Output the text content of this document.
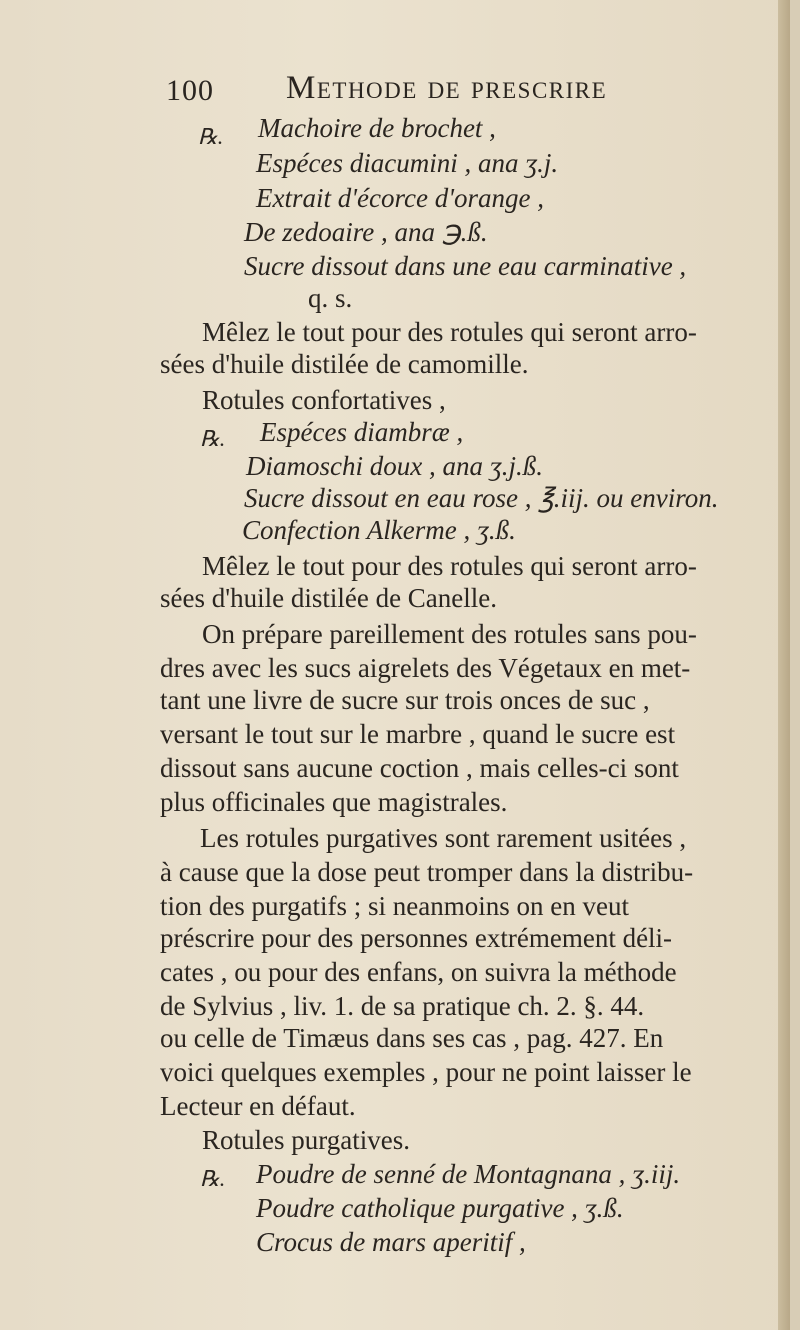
100 Methode de prescrire
℞. Machoire de brochet ,
Espéces diacumini , ana ʒ.j.
Extrait d'écorce d'orange ,
De zedoaire , ana ℈.ß.
Sucre dissout dans une eau carminative ,
q. s.
Mêlez le tout pour des rotules qui seront arro-
sées d'huile distilée de camomille.
Rotules confortatives ,
℞. Espéces diambræ ,
Diamoschi doux , ana ʒ.j.ß.
Sucre dissout en eau rose , ℥.iij. ou environ.
Confection Alkerme , ʒ.ß.
Mêlez le tout pour des rotules qui seront arro-
sées d'huile distilée de Canelle.
On prépare pareillement des rotules sans pou-
dres avec les sucs aigrelets des Végetaux en met-
tant une livre de sucre sur trois onces de suc ,
versant le tout sur le marbre , quand le sucre est
dissout sans aucune coction , mais celles-ci sont
plus officinales que magistrales.
Les rotules purgatives sont rarement usitées ,
à cause que la dose peut tromper dans la distribu-
tion des purgatifs ; si neanmoins on en veut
préscrire pour des personnes extrémement déli-
cates , ou pour des enfans, on suivra la méthode
de Sylvius , liv. 1. de sa pratique ch. 2. §. 44.
ou celle de Timæus dans ses cas , pag. 427. En
voici quelques exemples , pour ne point laisser le
Lecteur en défaut.
Rotules purgatives.
℞. Poudre de senné de Montagnana , ʒ.iij.
Poudre catholique purgative , ʒ.ß.
Crocus de mars aperitif ,
